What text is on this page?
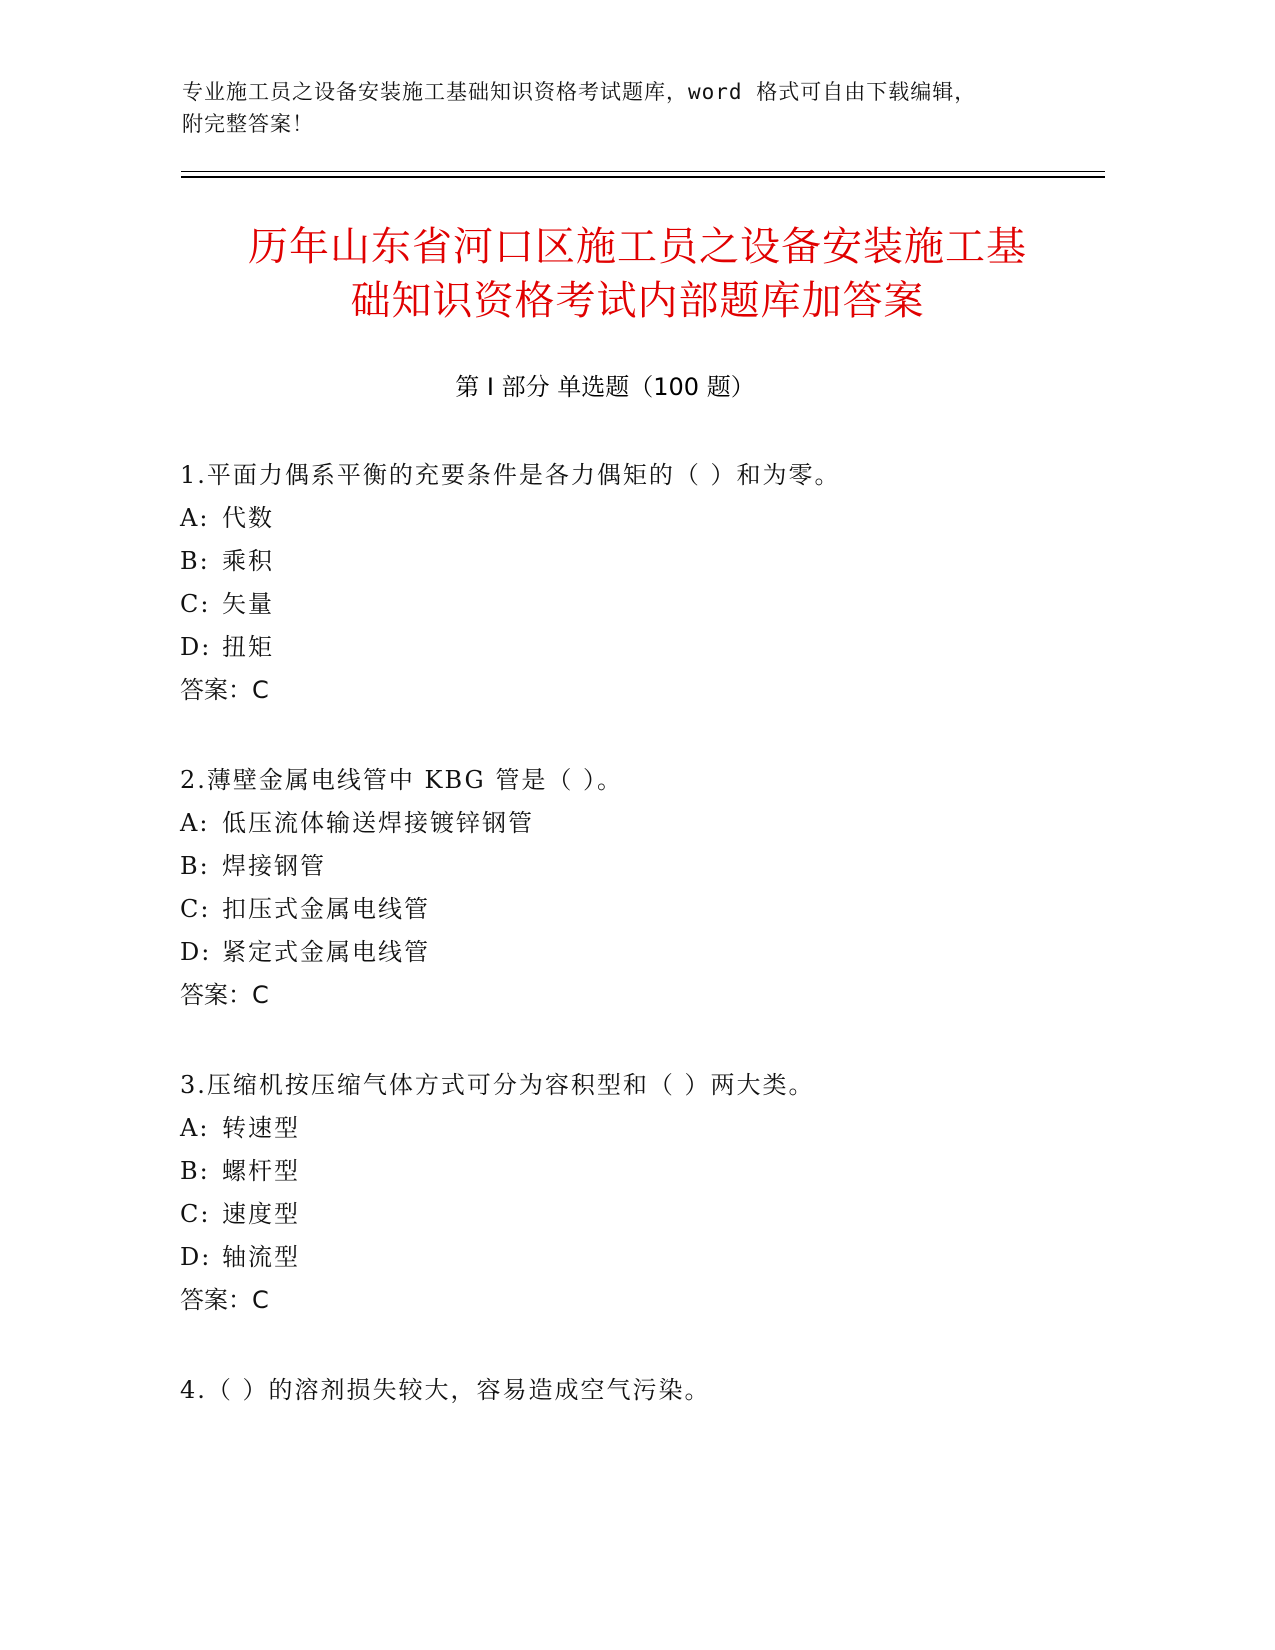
专业施工员之设备安装施工基础知识资格考试题库，word 格式可自由下载编辑，
附完整答案！
历年山东省河口区施工员之设备安装施工基
础知识资格考试内部题库加答案
第 I 部分 单选题（100 题）

1.平面力偶系平衡的充要条件是各力偶矩的（ ）和为零。

A: 代数

B: 乘积

C: 矢量

D: 扭矩

答案：C

2.薄壁金属电线管中 KBG 管是（ ）。

A: 低压流体输送焊接镀锌钢管

B: 焊接钢管

C: 扣压式金属电线管

D: 紧定式金属电线管

答案：C

3.压缩机按压缩气体方式可分为容积型和（ ）两大类。

A: 转速型

B: 螺杆型

C: 速度型

D: 轴流型

答案：C

4.（ ）的溶剂损失较大，容易造成空气污染。
